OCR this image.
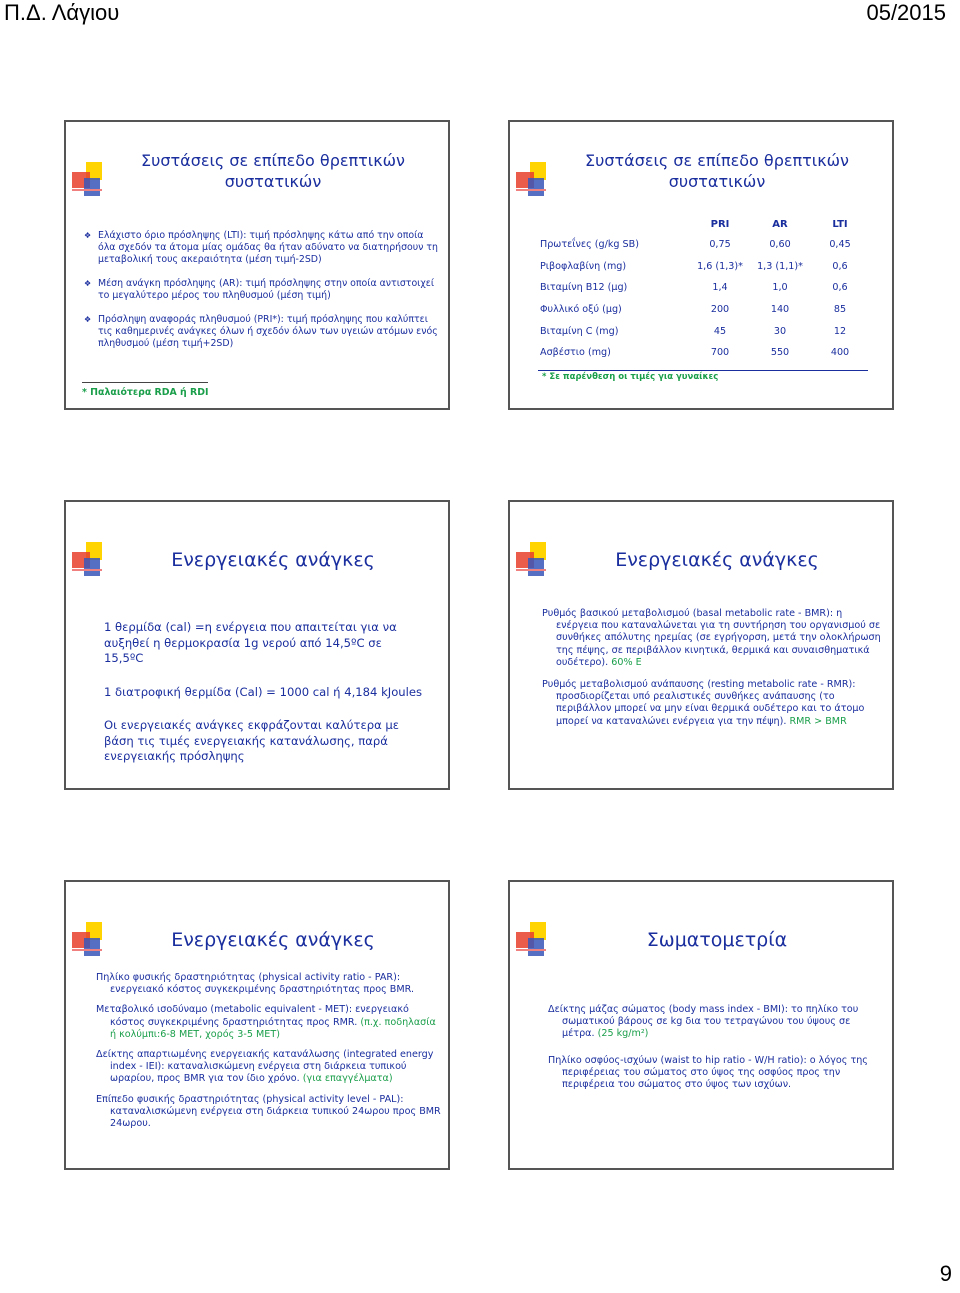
Π.Δ. Λάγιου	05/2015
Συστάσεις σε επίπεδο θρεπτικών συστατικών
❖ Ελάχιστο όριο πρόσληψης (LTI): τιμή πρόσληψης κάτω από την οποία όλα σχεδόν τα άτομα μίας ομάδας θα ήταν αδύνατο να διατηρήσουν τη μεταβολική τους ακεραιότητα (μέση τιμή-2SD)
❖ Μέση ανάγκη πρόσληψης (AR): τιμή πρόσληψης στην οποία αντιστοιχεί το μεγαλύτερο μέρος του πληθυσμού (μέση τιμή)
❖ Πρόσληψη αναφοράς πληθυσμού (PRI*): τιμή πρόσληψης που καλύπτει τις καθημερινές ανάγκες όλων ή σχεδόν όλων των υγειών ατόμων ενός πληθυσμού (μέση τιμή+2SD)
* Παλαιότερα RDA ή RDI
Συστάσεις σε επίπεδο θρεπτικών συστατικών
	PRI	AR	LTI
Πρωτεΐνες (g/kg SB)	0,75	0,60	0,45
Ριβοφλαβίνη (mg)	1,6 (1,3)*	1,3 (1,1)*	0,6
Βιταμίνη B12 (μg)	1,4	1,0	0,6
Φυλλικό οξύ (μg)	200	140	85
Βιταμίνη C (mg)	45	30	12
Ασβέστιο (mg)	700	550	400
* Σε παρένθεση οι τιμές για γυναίκες
Ενεργειακές ανάγκες

1 θερμίδα (cal) =η ενέργεια που απαιτείται για να αυξηθεί η θερμοκρασία 1g νερού από 14,5ºC σε 15,5ºC

1 διατροφική θερμίδα (Cal) = 1000 cal ή 4,184 kJoules

Οι ενεργειακές ανάγκες εκφράζονται καλύτερα με βάση τις τιμές ενεργειακής κατανάλωσης, παρά ενεργειακής πρόσληψης

Ενεργειακές ανάγκες

Ρυθμός βασικού μεταβολισμού (basal metabolic rate - BMR): η ενέργεια που καταναλώνεται για τη συντήρηση του οργανισμού σε συνθήκες απόλυτης ηρεμίας (σε εγρήγορση, μετά την ολοκλήρωση της πέψης, σε περιβάλλον κινητικά, θερμικά και συναισθηματικά ουδέτερο). 60% E

Ρυθμός μεταβολισμού ανάπαυσης (resting metabolic rate - RMR): προσδιορίζεται υπό ρεαλιστικές συνθήκες ανάπαυσης (το περιβάλλον μπορεί να μην είναι θερμικά ουδέτερο και το άτομο μπορεί να καταναλώνει ενέργεια για την πέψη). RMR > BMR

Ενεργειακές ανάγκες

Πηλίκο φυσικής δραστηριότητας (physical activity ratio - PAR): ενεργειακό κόστος συγκεκριμένης δραστηριότητας προς BMR.

Μεταβολικό ισοδύναμο (metabolic equivalent - MET): ενεργειακό κόστος συγκεκριμένης δραστηριότητας προς RMR. (π.χ. ποδηλασία ή κολύμπι:6-8 MET, χορός 3-5 MET)

Δείκτης απαρτιωμένης ενεργειακής κατανάλωσης (integrated energy index - IEI): καταναλισκώμενη ενέργεια στη διάρκεια τυπικού ωραρίου, προς BMR για τον ίδιο χρόνο. (για επαγγέλματα)

Επίπεδο φυσικής δραστηριότητας (physical activity level - PAL): καταναλισκώμενη ενέργεια στη διάρκεια τυπικού 24ωρου προς BMR 24ωρου.

Σωματομετρία

Δείκτης μάζας σώματος (body mass index - BMI): το πηλίκο του σωματικού βάρους σε kg δια του τετραγώνου του ύψους σε μέτρα. (25 kg/m²)

Πηλίκο οσφύος-ισχύων (waist to hip ratio - W/H ratio): ο λόγος της περιφέρειας του σώματος στο ύψος της οσφύος προς την περιφέρεια του σώματος στο ύψος των ισχύων.

9
